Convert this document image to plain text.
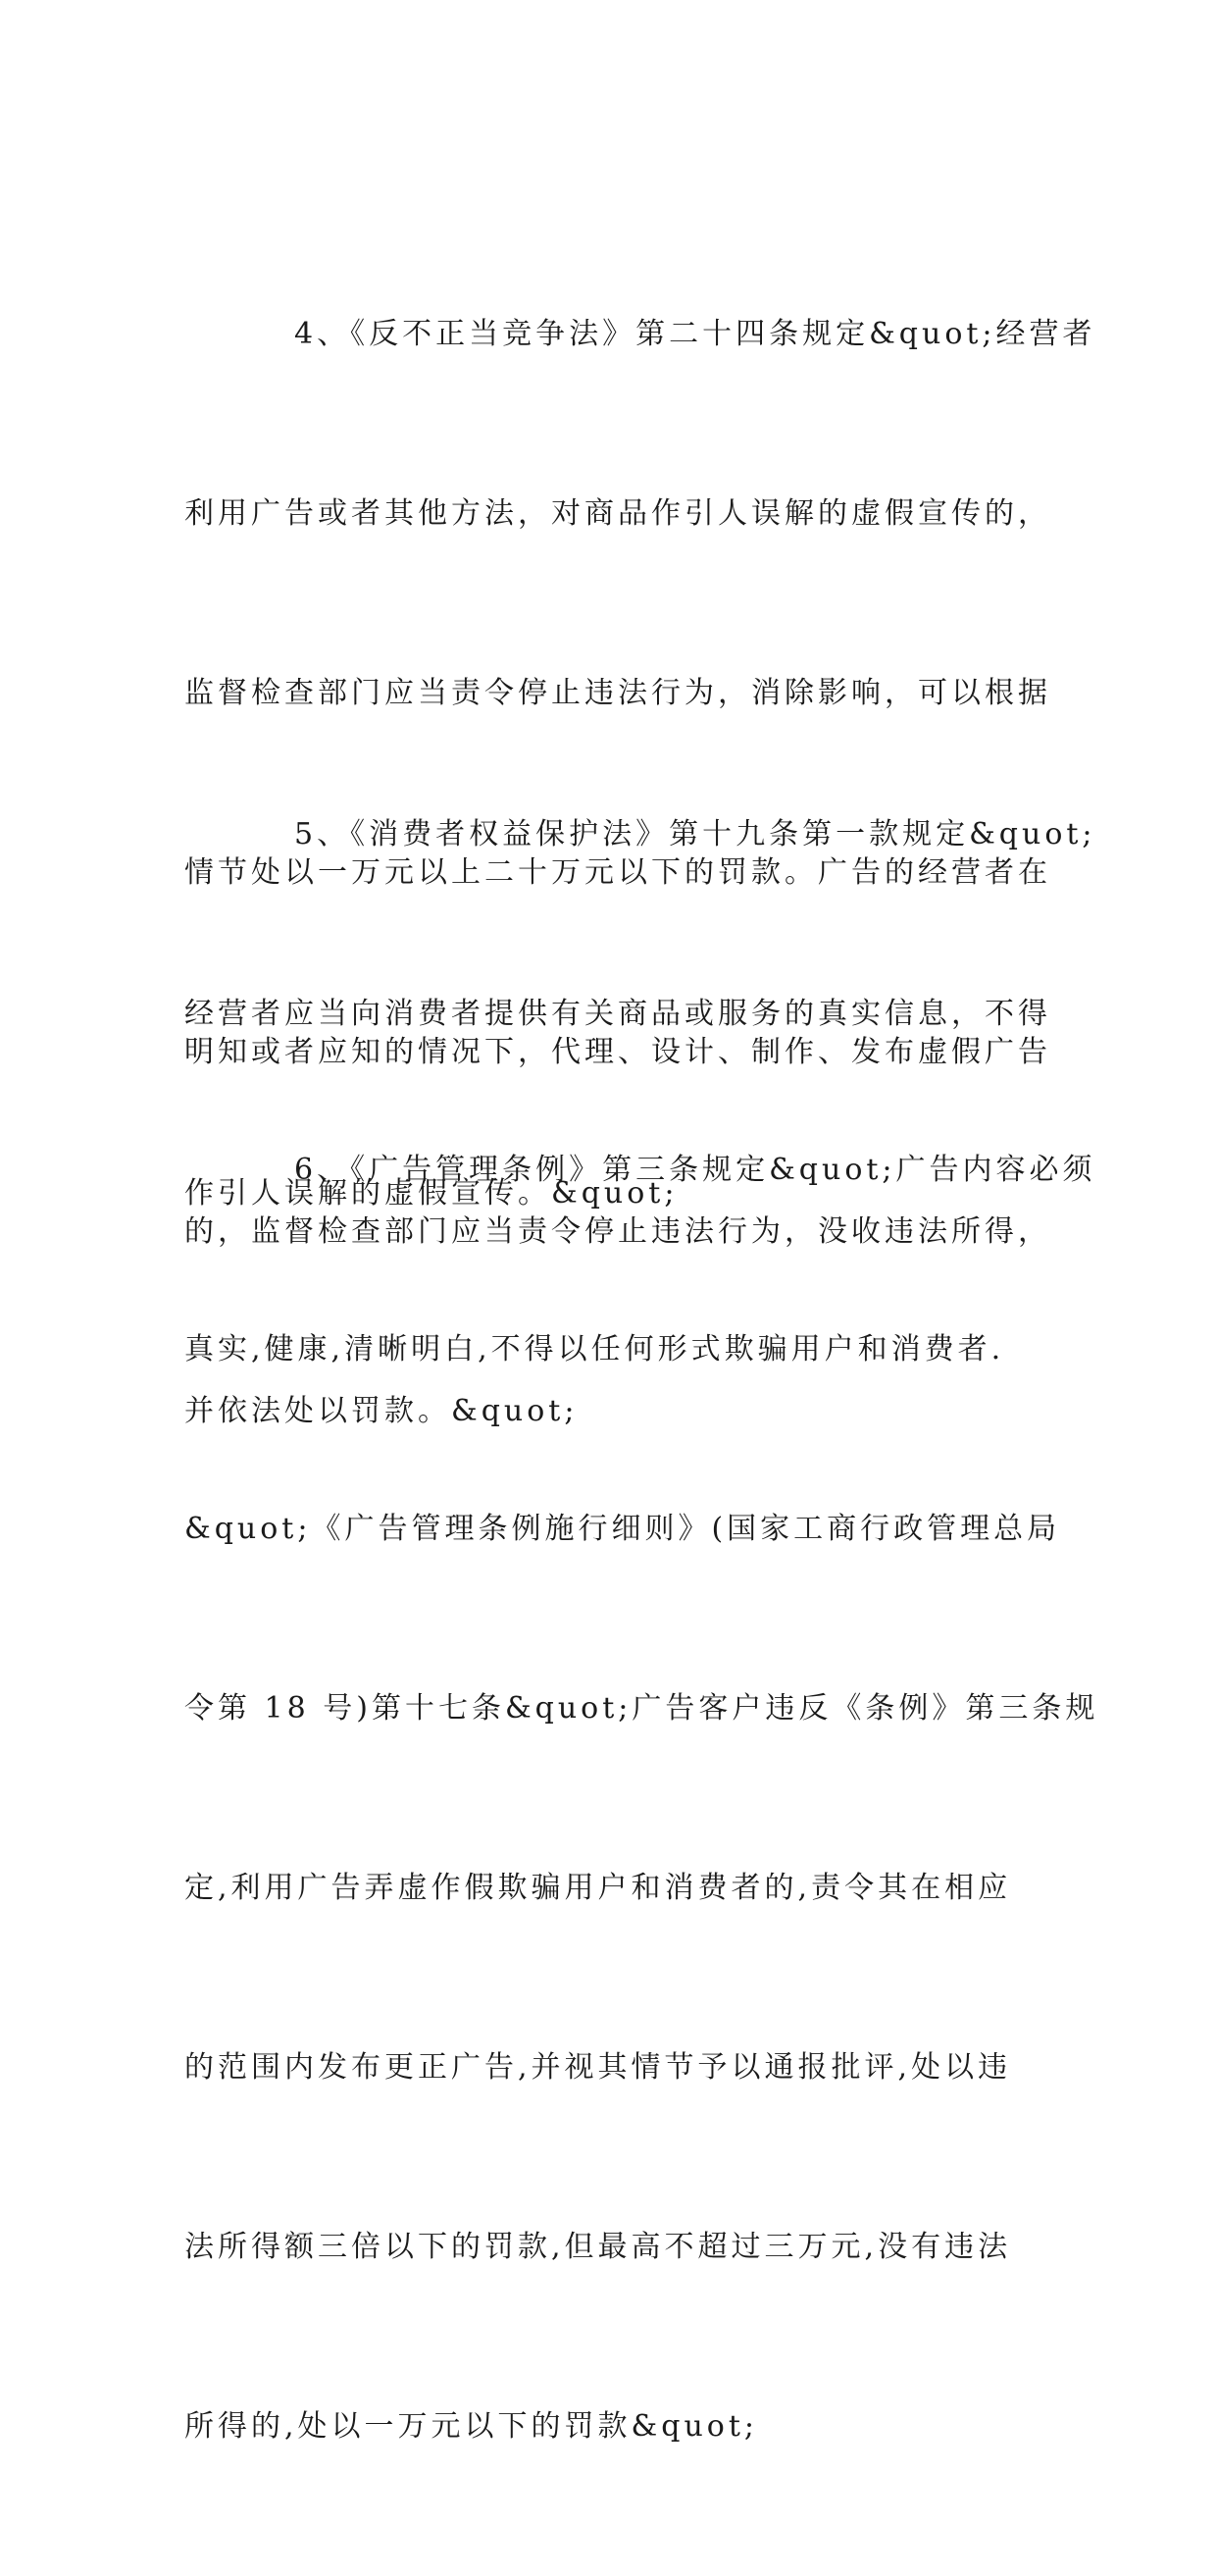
4、《反不正当竞争法》第二十四条规定&quot;经营者

利用广告或者其他方法，对商品作引人误解的虚假宣传的，

监督检查部门应当责令停止违法行为，消除影响，可以根据

情节处以一万元以上二十万元以下的罚款。广告的经营者在

明知或者应知的情况下，代理、设计、制作、发布虚假广告

的，监督检查部门应当责令停止违法行为，没收违法所得，

并依法处以罚款。&quot;

5、《消费者权益保护法》第十九条第一款规定&quot;

经营者应当向消费者提供有关商品或服务的真实信息，不得

作引人误解的虚假宣传。&quot;

6、《广告管理条例》第三条规定&quot;广告内容必须

真实,健康,清晰明白,不得以任何形式欺骗用户和消费者.

&quot;《广告管理条例施行细则》(国家工商行政管理总局

令第 18 号)第十七条&quot;广告客户违反《条例》第三条规

定,利用广告弄虚作假欺骗用户和消费者的,责令其在相应

的范围内发布更正广告,并视其情节予以通报批评,处以违

法所得额三倍以下的罚款,但最高不超过三万元,没有违法

所得的,处以一万元以下的罚款&quot;
